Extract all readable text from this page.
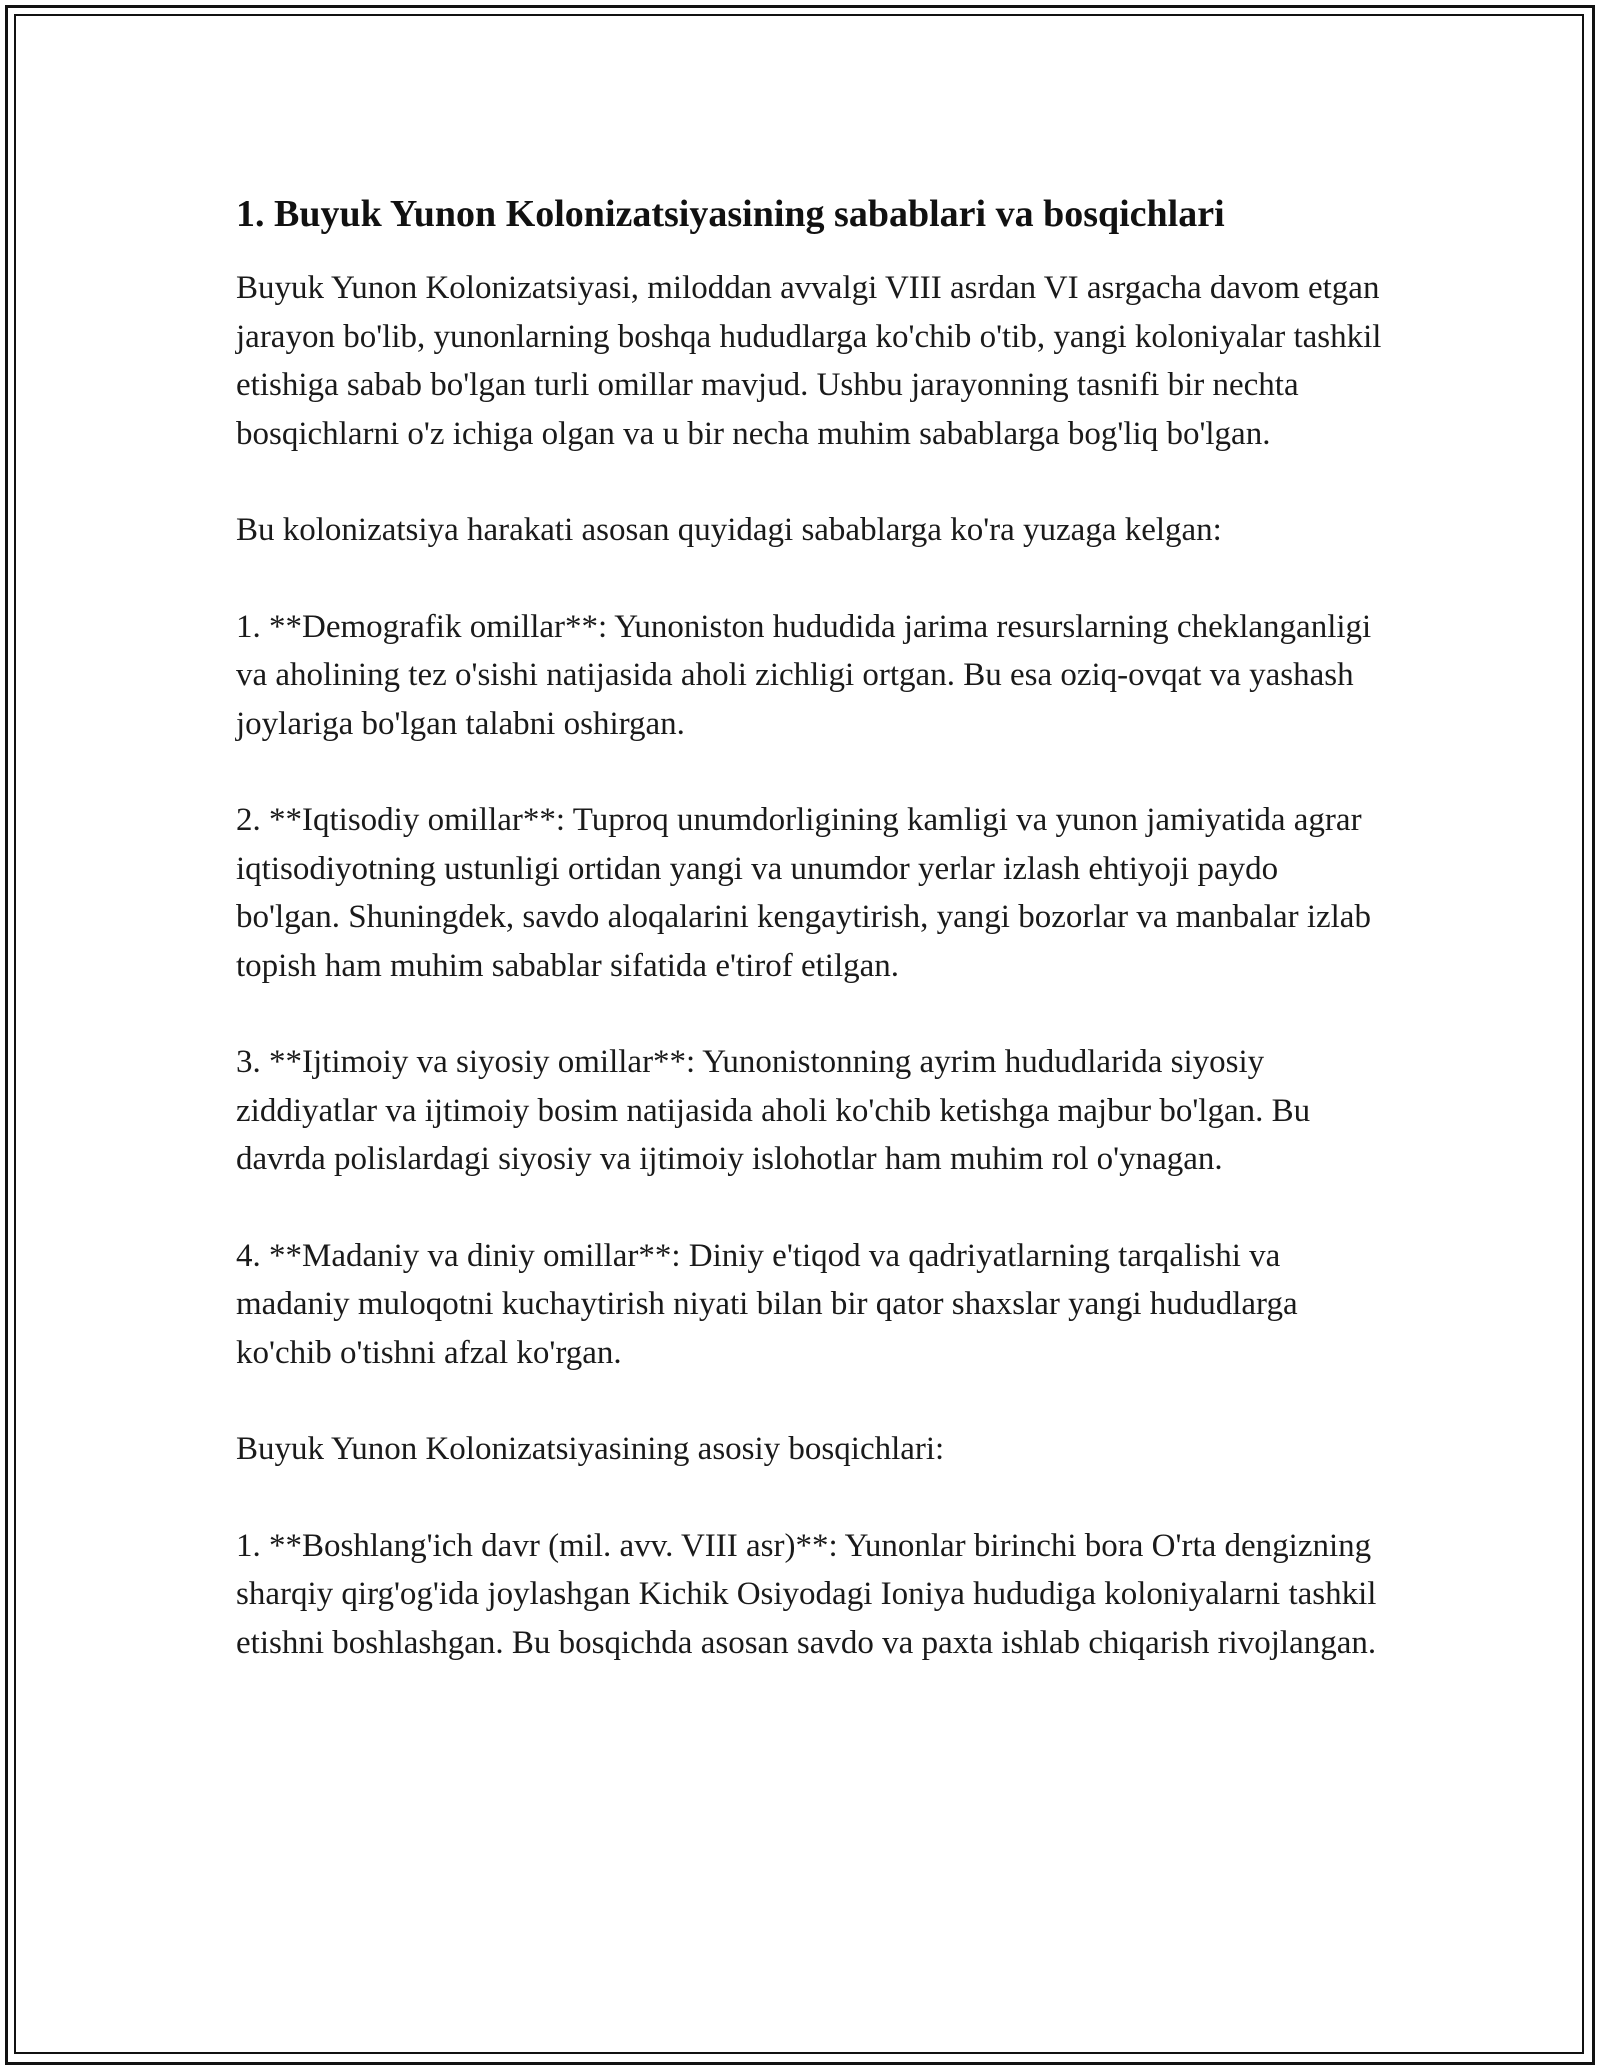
1. Buyuk Yunon Kolonizatsiyasining sabablari va bosqichlari

Buyuk Yunon Kolonizatsiyasi, miloddan avvalgi VIII asrdan VI asrgacha davom etgan jarayon bo'lib, yunonlarning boshqa hududlarga ko'chib o'tib, yangi koloniyalar tashkil etishiga sabab bo'lgan turli omillar mavjud. Ushbu jarayonning tasnifi bir nechta bosqichlarni o'z ichiga olgan va u bir necha muhim sabablarga bog'liq bo'lgan.

Bu kolonizatsiya harakati asosan quyidagi sabablarga ko'ra yuzaga kelgan:

1. **Demografik omillar**: Yunoniston hududida jarima resurslarning cheklanganligi va aholining tez o'sishi natijasida aholi zichligi ortgan. Bu esa oziq-ovqat va yashash joylariga bo'lgan talabni oshirgan.

2. **Iqtisodiy omillar**: Tuproq unumdorligining kamligi va yunon jamiyatida agrar iqtisodiyotning ustunligi ortidan yangi va unumdor yerlar izlash ehtiyoji paydo bo'lgan. Shuningdek, savdo aloqalarini kengaytirish, yangi bozorlar va manbalar izlab topish ham muhim sabablar sifatida e'tirof etilgan.

3. **Ijtimoiy va siyosiy omillar**: Yunonistonning ayrim hududlarida siyosiy ziddiyatlar va ijtimoiy bosim natijasida aholi ko'chib ketishga majbur bo'lgan. Bu davrda polislardagi siyosiy va ijtimoiy islohotlar ham muhim rol o'ynagan.

4. **Madaniy va diniy omillar**: Diniy e'tiqod va qadriyatlarning tarqalishi va madaniy muloqotni kuchaytirish niyati bilan bir qator shaxslar yangi hududlarga ko'chib o'tishni afzal ko'rgan.

Buyuk Yunon Kolonizatsiyasining asosiy bosqichlari:

1. **Boshlang'ich davr (mil. avv. VIII asr)**: Yunonlar birinchi bora O'rta dengizning sharqiy qirg'og'ida joylashgan Kichik Osiyodagi Ioniya hududiga koloniyalarni tashkil etishni boshlashgan. Bu bosqichda asosan savdo va paxta ishlab chiqarish rivojlangan.
